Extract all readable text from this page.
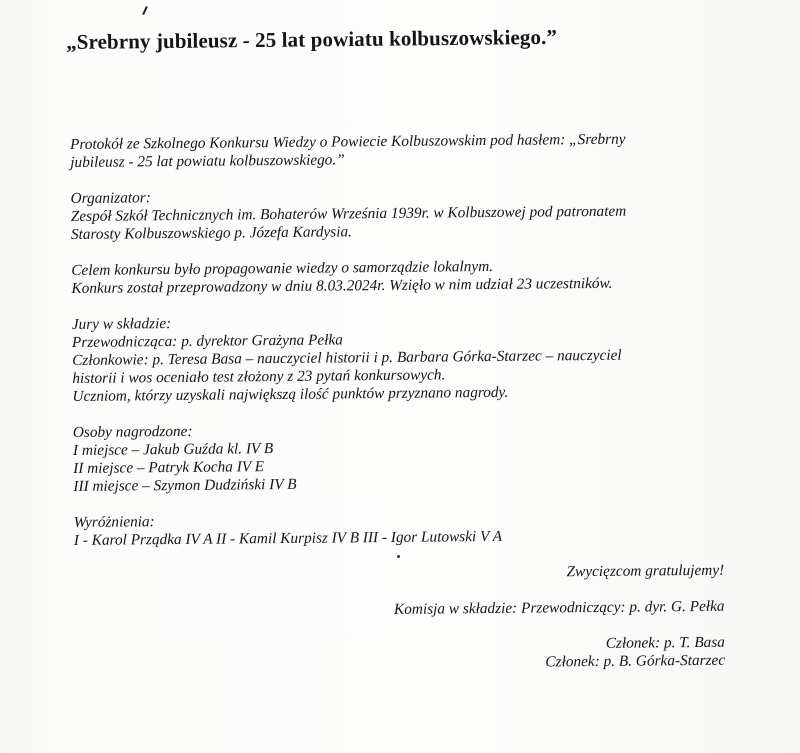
„Srebrny jubileusz - 25 lat powiatu kolbuszowskiego.”
Protokół ze Szkolnego Konkursu Wiedzy o Powiecie Kolbuszowskim pod hasłem: „Srebrny
jubileusz - 25 lat powiatu kolbuszowskiego.”
Organizator:
Zespół Szkół Technicznych im. Bohaterów Września 1939r. w Kolbuszowej pod patronatem
Starosty Kolbuszowskiego p. Józefa Kardysia.
Celem konkursu było propagowanie wiedzy o samorządzie lokalnym.
Konkurs został przeprowadzony w dniu 8.03.2024r. Wzięło w nim udział 23 uczestników.
Jury w składzie:
Przewodnicząca: p. dyrektor Grażyna Pełka
Członkowie: p. Teresa Basa – nauczyciel historii i p. Barbara Górka-Starzec – nauczyciel
historii i wos oceniało test złożony z 23 pytań konkursowych.
Uczniom, którzy uzyskali największą ilość punktów przyznano nagrody.
Osoby nagrodzone:
I miejsce – Jakub Guźda kl. IV B
II miejsce – Patryk Kocha IV E
III miejsce – Szymon Dudziński IV B
Wyróżnienia:
I - Karol Prządka IV A II - Kamil Kurpisz IV B III - Igor Lutowski V A
Zwycięzcom gratulujemy!
Komisja w składzie: Przewodniczący: p. dyr. G. Pełka
Członek: p. T. Basa
Członek: p. B. Górka-Starzec
